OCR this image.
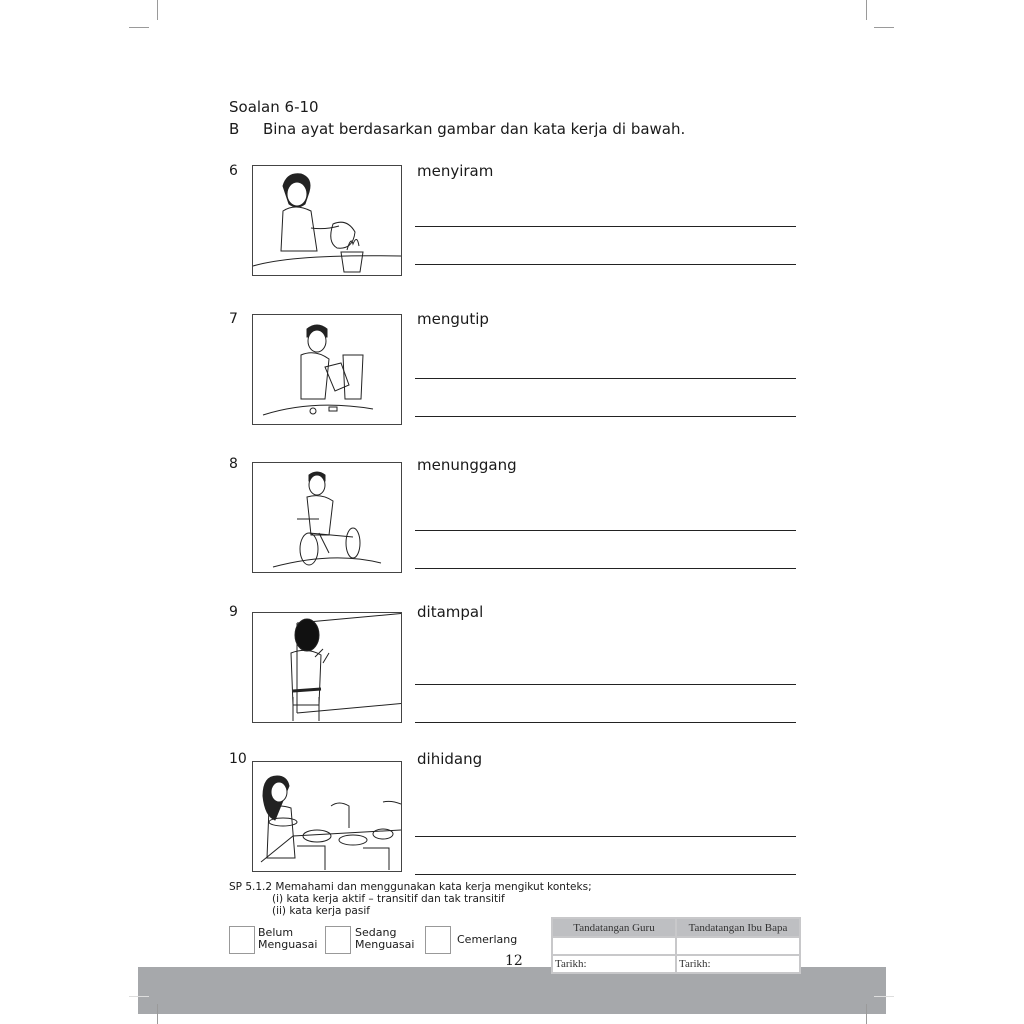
Soalan 6-10
B Bina ayat berdasarkan gambar dan kata kerja di bawah.
6	menyiram
7	mengutip
8	menunggang
9	ditampal
10	dihidang
SP 5.1.2 Memahami dan menggunakan kata kerja mengikut konteks;
(i) kata kerja aktif – transitif dan tak transitif
(ii) kata kerja pasif
Belum
Menguasai
Sedang
Menguasai	Cemerlang
12
Tandatangan Guru	Tandatangan Ibu Bapa

Tarikh:	Tarikh:
